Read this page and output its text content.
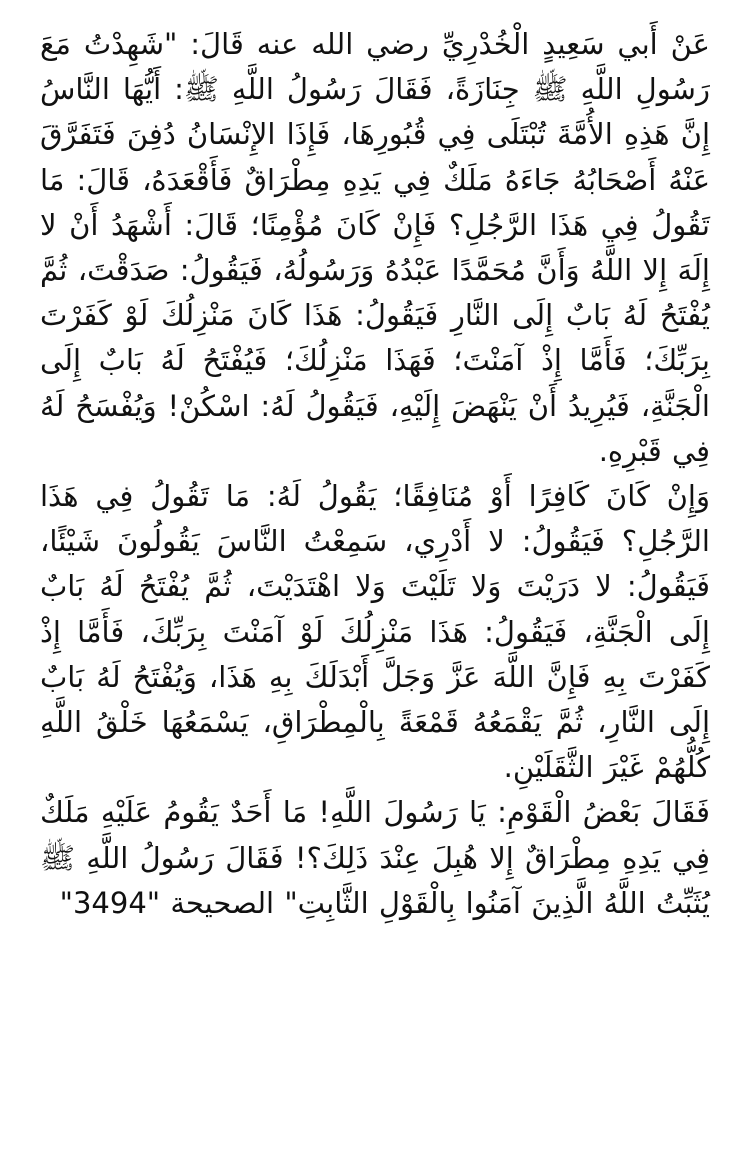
عَنْ أَبي سَعِيدٍ الْخُدْرِيِّ رضي الله عنه قَالَ: "شَهِدْتُ مَعَ رَسُولِ اللَّهِ ﷺ جِنَازَةً، فَقَالَ رَسُولُ اللَّهِ ﷺ: أَيُّهَا النَّاسُ إِنَّ هَذِهِ الأُمَّةَ تُبْتَلَى فِي قُبُورِهَا، فَإِذَا الإِنْسَانُ دُفِنَ فَتَفَرَّقَ عَنْهُ أَصْحَابُهُ جَاءَهُ مَلَكٌ فِي يَدِهِ مِطْرَاقٌ فَأَقْعَدَهُ، قَالَ: مَا تَقُولُ فِي هَذَا الرَّجُلِ؟ فَإِنْ كَانَ مُؤْمِنًا؛ قَالَ: أَشْهَدُ أَنْ لا إِلَهَ إِلا اللَّهُ وَأَنَّ مُحَمَّدًا عَبْدُهُ وَرَسُولُهُ، فَيَقُولُ: صَدَقْتَ، ثُمَّ يُفْتَحُ لَهُ بَابٌ إِلَى النَّارِ فَيَقُولُ: هَذَا كَانَ مَنْزِلُكَ لَوْ كَفَرْتَ بِرَبِّكَ؛ فَأَمَّا إِذْ آمَنْتَ؛ فَهَذَا مَنْزِلُكَ؛ فَيُفْتَحُ لَهُ بَابٌ إِلَى الْجَنَّةِ، فَيُرِيدُ أَنْ يَنْهَضَ إِلَيْهِ، فَيَقُولُ لَهُ: اسْكُنْ! وَيُفْسَحُ لَهُ فِي قَبْرِهِ.

وَإِنْ كَانَ كَافِرًا أَوْ مُنَافِقًا؛ يَقُولُ لَهُ: مَا تَقُولُ فِي هَذَا الرَّجُلِ؟ فَيَقُولُ: لا أَدْرِي، سَمِعْتُ النَّاسَ يَقُولُونَ شَيْئًا، فَيَقُولُ: لا دَرَيْتَ وَلا تَلَيْتَ وَلا اهْتَدَيْتَ، ثُمَّ يُفْتَحُ لَهُ بَابٌ إِلَى الْجَنَّةِ، فَيَقُولُ: هَذَا مَنْزِلُكَ لَوْ آمَنْتَ بِرَبِّكَ، فَأَمَّا إِذْ كَفَرْتَ بِهِ فَإِنَّ اللَّهَ عَزَّ وَجَلَّ أَبْدَلَكَ بِهِ هَذَا، وَيُفْتَحُ لَهُ بَابٌ إِلَى النَّارِ، ثُمَّ يَقْمَعُهُ قَمْعَةً بِالْمِطْرَاقِ، يَسْمَعُهَا خَلْقُ اللَّهِ كُلُّهُمْ غَيْرَ الثَّقَلَيْنِ.

فَقَالَ بَعْضُ الْقَوْمِ: يَا رَسُولَ اللَّهِ! مَا أَحَدٌ يَقُومُ عَلَيْهِ مَلَكٌ فِي يَدِهِ مِطْرَاقٌ إِلا هُبِلَ عِنْدَ ذَلِكَ؟! فَقَالَ رَسُولُ اللَّهِ ﷺ يُثَبِّتُ اللَّهُ الَّذِينَ آمَنُوا بِالْقَوْلِ الثَّابِتِ" الصحيحة "3494"
